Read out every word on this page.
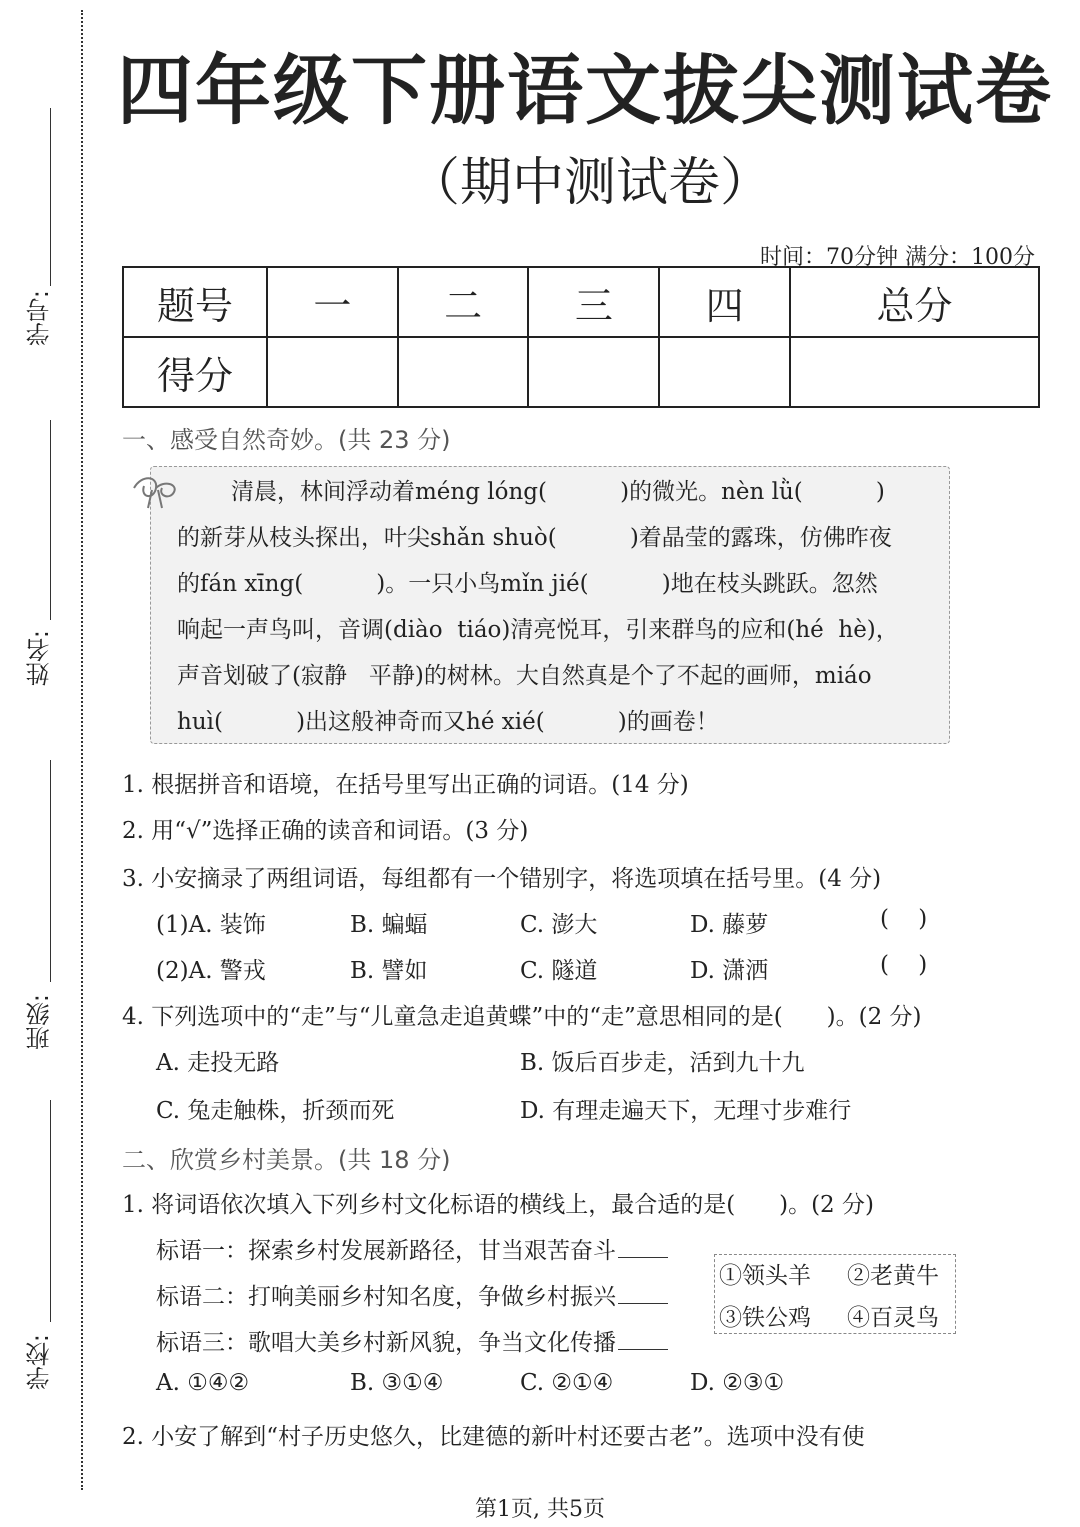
学号:
姓名:
班级:
学校:
四年级下册语文拔尖测试卷
（期中测试卷）
时间：70分钟 满分：100分
题号	一	二	三	四	总分
得分					
一、感受自然奇妙。(共 23 分)
清晨，林间浮动着méng lóng(          )的微光。nèn lǜ(          )
的新芽从枝头探出，叶尖shǎn shuò(          )着晶莹的露珠，仿佛昨夜
的fán xīng(          )。一只小鸟mǐn jié(          )地在枝头跳跃。忽然
响起一声鸟叫，音调(diào  tiáo)清亮悦耳，引来群鸟的应和(hé  hè)，
声音划破了(寂静   平静)的树林。大自然真是个了不起的画师，miáo
huì(          )出这般神奇而又hé xié(          )的画卷！
1. 根据拼音和语境，在括号里写出正确的词语。(14 分)
2. 用“√”选择正确的读音和词语。(3 分)
3. 小安摘录了两组词语，每组都有一个错别字，将选项填在括号里。(4 分)
(1)A. 装饰	B. 蝙蝠	C. 澎大	D. 藤萝	(    )
(2)A. 警戎	B. 譬如	C. 隧道	D. 潇洒	(    )
4. 下列选项中的“走”与“儿童急走追黄蝶”中的“走”意思相同的是(      )。(2 分)
A. 走投无路	B. 饭后百步走，活到九十九
C. 兔走触株，折颈而死	D. 有理走遍天下，无理寸步难行
二、欣赏乡村美景。(共 18 分)
1. 将词语依次填入下列乡村文化标语的横线上，最合适的是(      )。(2 分)
标语一：探索乡村发展新路径，甘当艰苦奋斗
标语二：打响美丽乡村知名度，争做乡村振兴
标语三：歌唱大美乡村新风貌，争当文化传播
①领头羊 ②老黄牛
③铁公鸡 ④百灵鸟
A. ①④②	B. ③①④	C. ②①④	D. ②③①
2. 小安了解到“村子历史悠久，比建德的新叶村还要古老”。选项中没有使
第1页, 共5页
